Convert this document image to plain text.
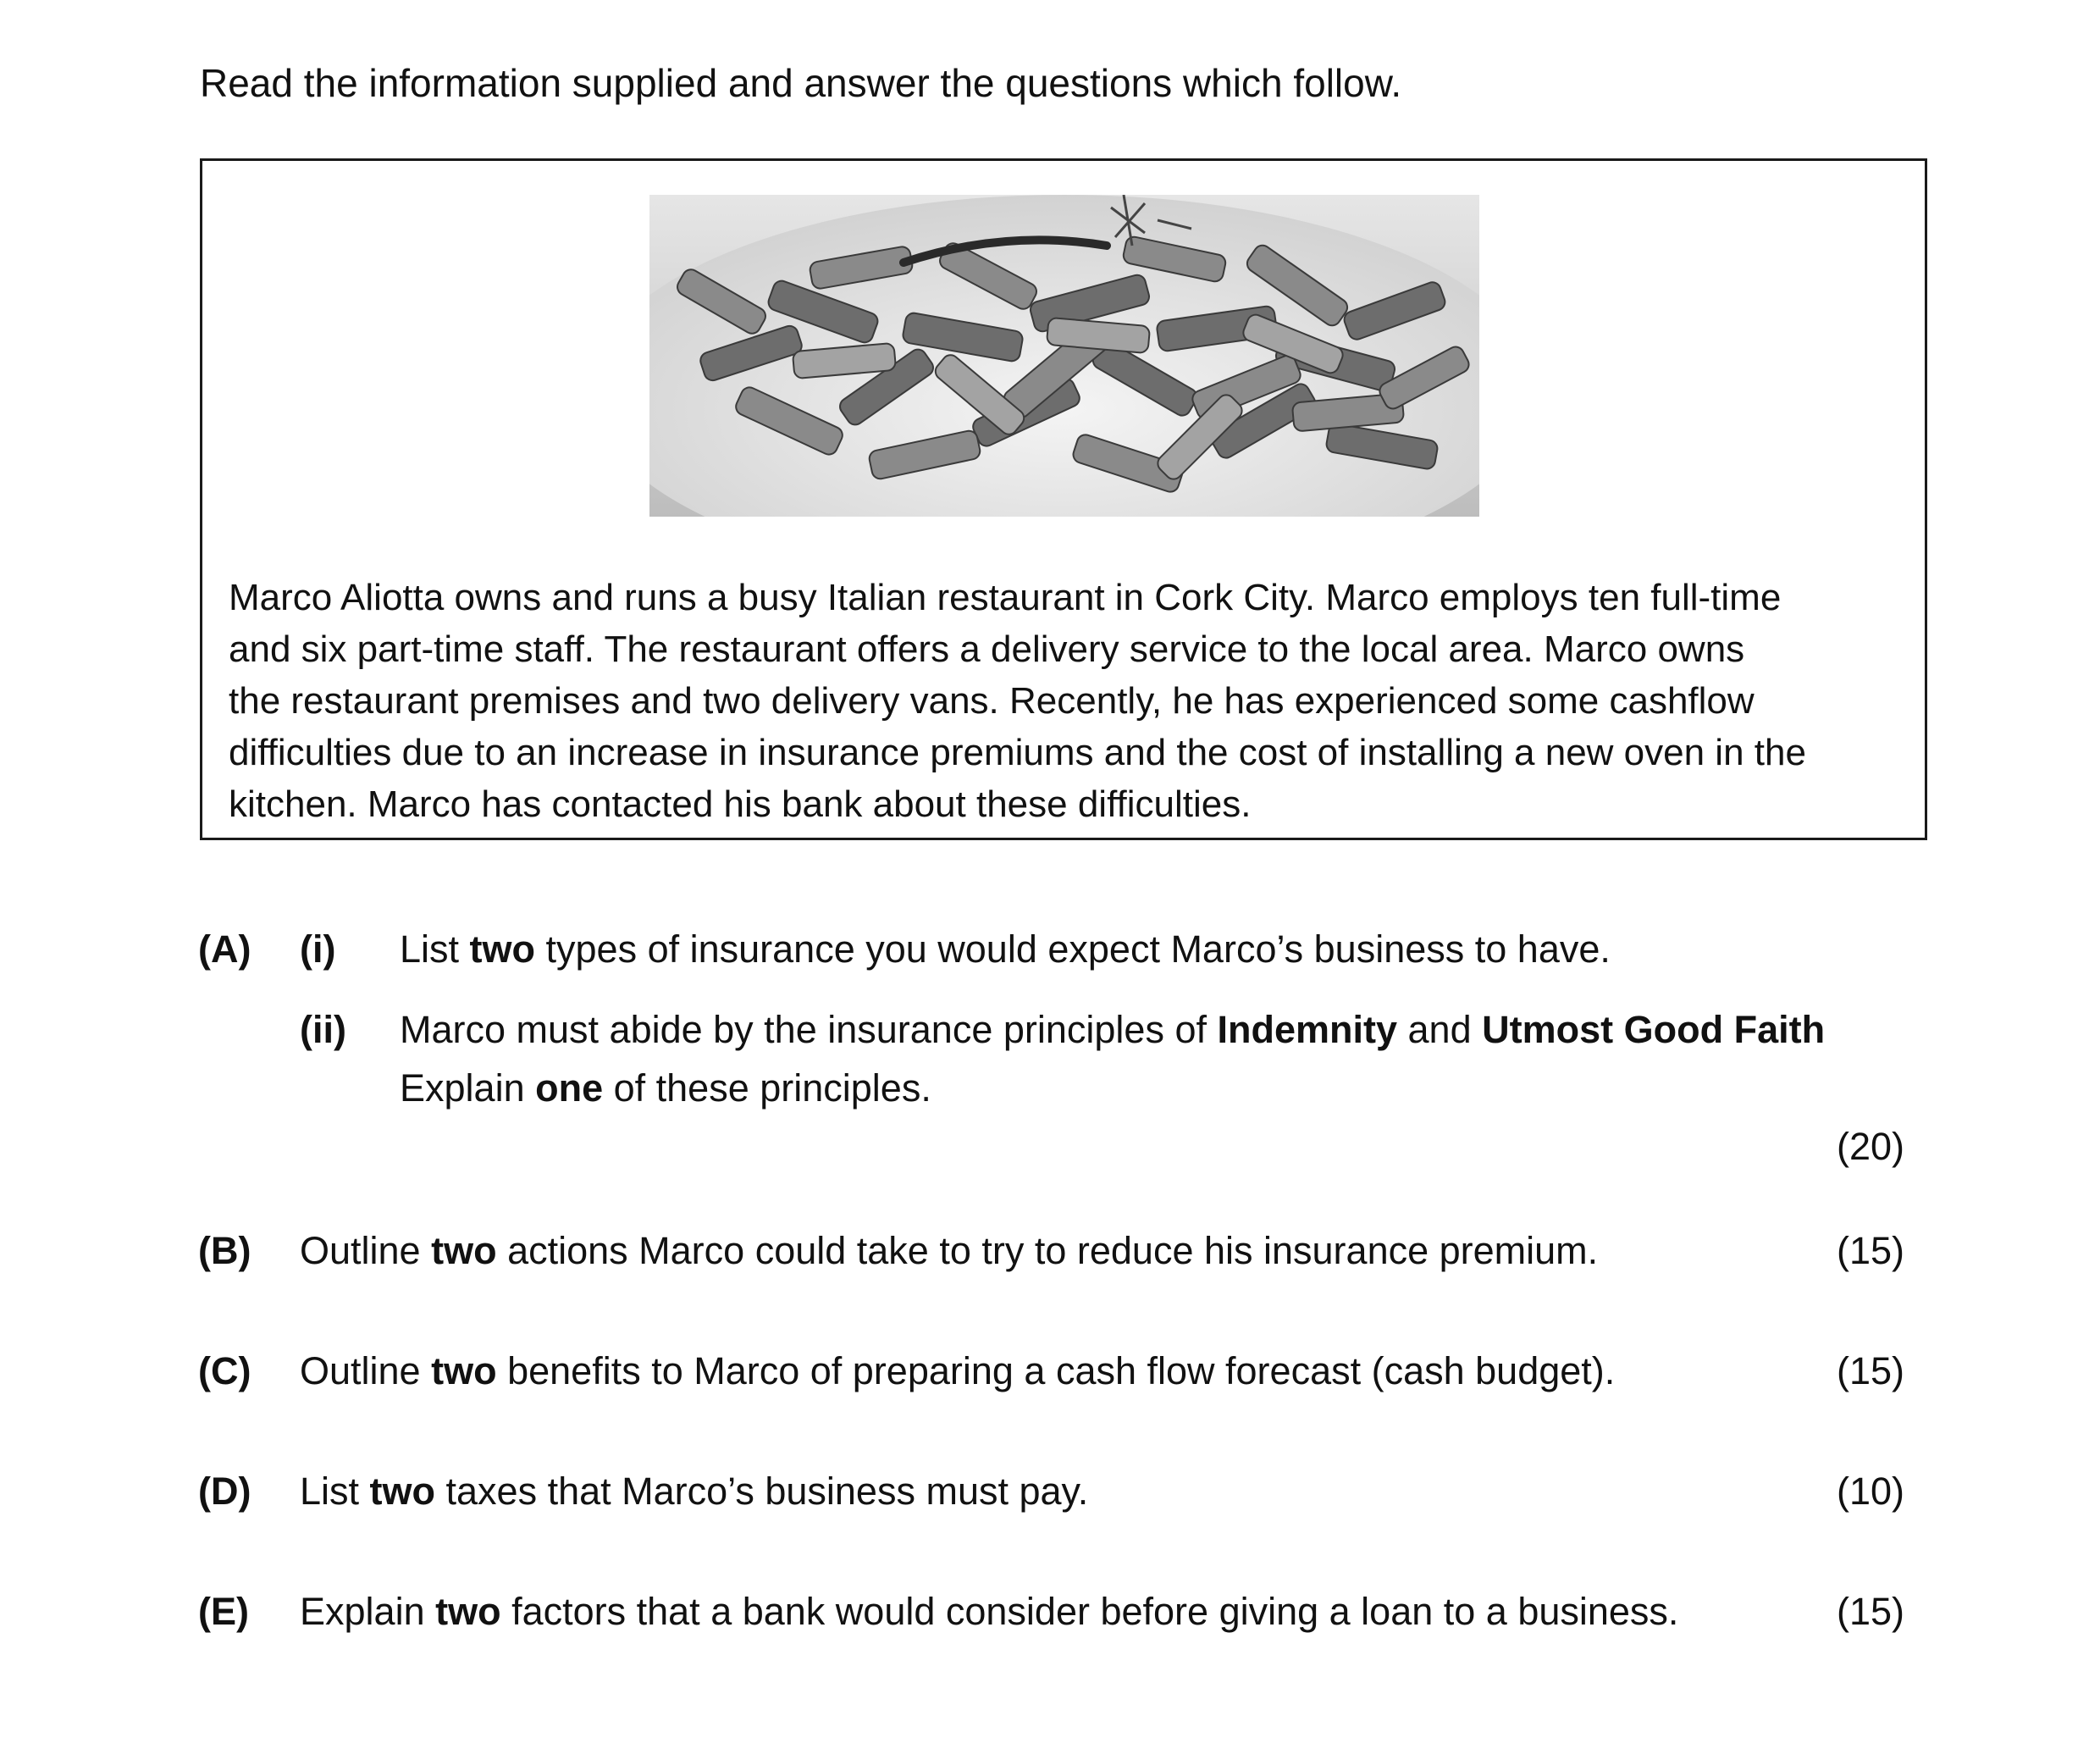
Read the information supplied and answer the questions which follow.
Marco Aliotta owns and runs a busy Italian restaurant in Cork City. Marco employs ten full-time
and six part-time staff. The restaurant offers a delivery service to the local area. Marco owns
the restaurant premises and two delivery vans. Recently, he has experienced some cashflow
difficulties due to an increase in insurance premiums and the cost of installing a new oven in the
kitchen. Marco has contacted his bank about these difficulties.
(A) (i) List two types of insurance you would expect Marco’s business to have.
(ii) Marco must abide by the insurance principles of Indemnity and Utmost Good Faith
Explain one of these principles.
(20)
(B) Outline two actions Marco could take to try to reduce his insurance premium.	(15)
(C) Outline two benefits to Marco of preparing a cash flow forecast (cash budget).	(15)
(D) List two taxes that Marco’s business must pay.	(10)
(E) Explain two factors that a bank would consider before giving a loan to a business.	(15)
